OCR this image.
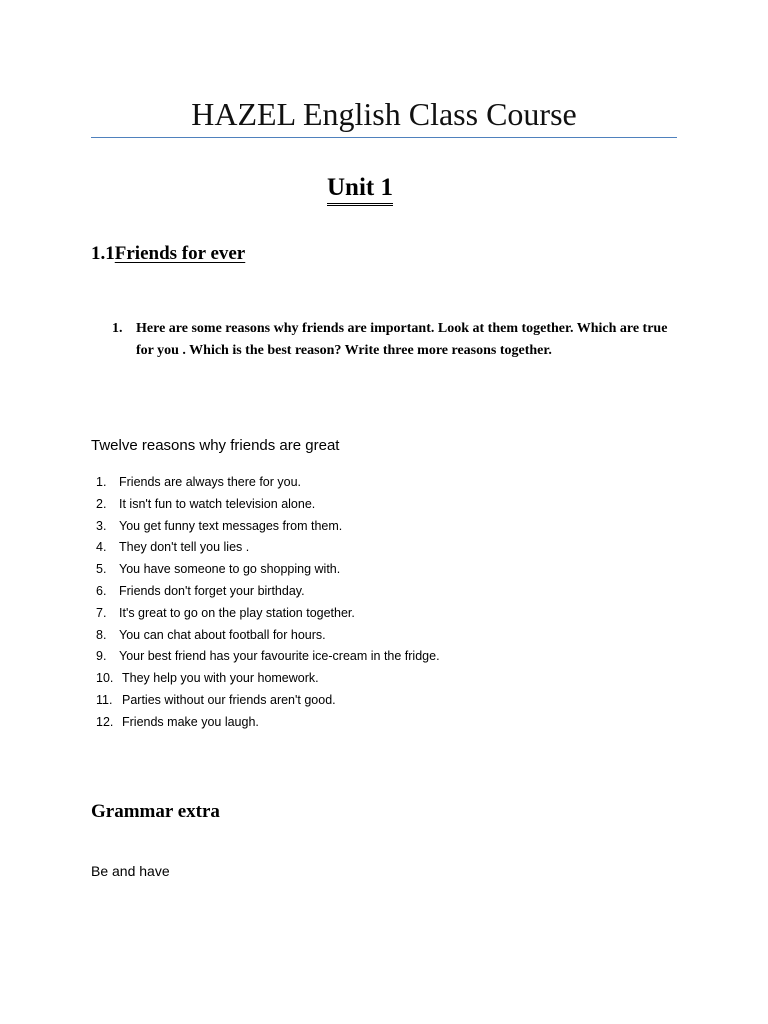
HAZEL English Class Course
Unit 1
1.1Friends for ever
1. Here are some reasons why friends are important. Look at them together. Which are true for you . Which is the best reason? Write three more reasons together.
Twelve reasons why friends are great
1.	Friends are always there for you.
2.	It isn't fun to watch television alone.
3.	You get funny text messages from them.
4.	They don't tell you lies .
5.	You have someone to go shopping with.
6.	Friends don't forget your birthday.
7.	It's great to go on the play station together.
8.	You can chat about football for hours.
9.	Your best friend has your favourite ice-cream in the fridge.
10. They help you with your homework.
11. Parties without our friends aren't good.
12. Friends make you laugh.
Grammar extra
Be and have
